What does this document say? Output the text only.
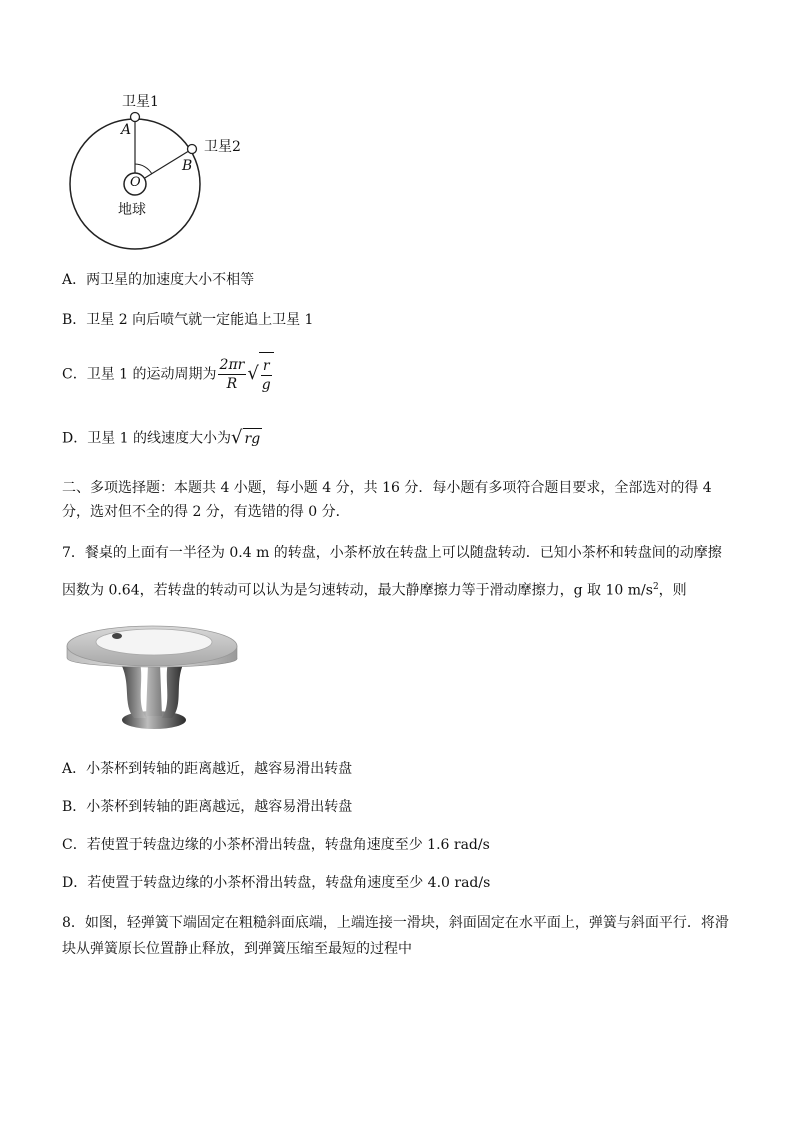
卫星1
卫星2
A
B
O
地球
A．两卫星的加速度大小不相等
B．卫星 2 向后喷气就一定能追上卫星 1
C．卫星 1 的运动周期为 $\frac{2\pi r}{R}$ √ $\frac{r}{g}$
D．卫星 1 的线速度大小为√ rg
二、多项选择题：本题共 4 小题，每小题 4 分，共 16 分．每小题有多项符合题目要求，全部选对的得 4 分，选对但不全的得 2 分，有选错的得 0 分．
7．餐桌的上面有一半径为 0.4 m 的转盘，小茶杯放在转盘上可以随盘转动．已知小茶杯和转盘间的动摩擦因数为 0.64，若转盘的转动可以认为是匀速转动，最大静摩擦力等于滑动摩擦力，g 取 10 $m/s^2$，则
A．小茶杯到转轴的距离越近，越容易滑出转盘
B．小茶杯到转轴的距离越远，越容易滑出转盘
C．若使置于转盘边缘的小茶杯滑出转盘，转盘角速度至少 1.6 rad/s
D．若使置于转盘边缘的小茶杯滑出转盘，转盘角速度至少 4.0 rad/s
8．如图，轻弹簧下端固定在粗糙斜面底端，上端连接一滑块，斜面固定在水平面上，弹簧与斜面平行．将滑块从弹簧原长位置静止释放，到弹簧压缩至最短的过程中
